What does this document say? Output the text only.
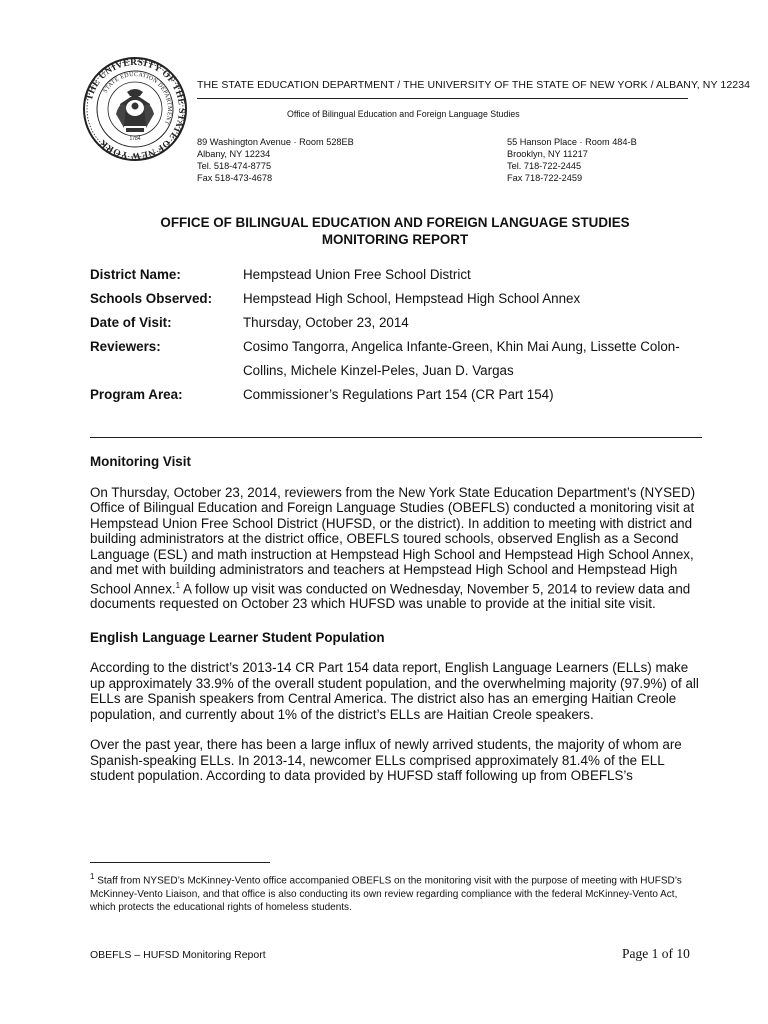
THE UNIVERSITY OF THE STATE OF NEW YORK
STATE EDUCATION DEPARTMENT
1784
THE STATE EDUCATION DEPARTMENT / THE UNIVERSITY OF THE STATE OF NEW YORK / ALBANY, NY 12234
Office of Bilingual Education and Foreign Language Studies
89 Washington Avenue · Room 528EB
Albany, NY 12234
Tel. 518-474-8775
Fax 518-473-4678
55 Hanson Place · Room 484-B
Brooklyn, NY 11217
Tel. 718-722-2445
Fax 718-722-2459
OFFICE OF BILINGUAL EDUCATION AND FOREIGN LANGUAGE STUDIES
MONITORING REPORT
District Name:	Hempstead Union Free School District
Schools Observed:	Hempstead High School, Hempstead High School Annex
Date of Visit:	Thursday, October 23, 2014
Reviewers:	Cosimo Tangorra, Angelica Infante-Green, Khin Mai Aung, Lissette Colon-
Collins, Michele Kinzel-Peles, Juan D. Vargas
Program Area:	Commissioner’s Regulations Part 154 (CR Part 154)

Monitoring Visit

On Thursday, October 23, 2014, reviewers from the New York State Education Department’s (NYSED) Office of Bilingual Education and Foreign Language Studies (OBEFLS) conducted a monitoring visit at Hempstead Union Free School District (HUFSD, or the district). In addition to meeting with district and building administrators at the district office, OBEFLS toured schools, observed English as a Second Language (ESL) and math instruction at Hempstead High School and Hempstead High School Annex, and met with building administrators and teachers at Hempstead High School and Hempstead High School Annex.$^1$ A follow up visit was conducted on Wednesday, November 5, 2014 to review data and documents requested on October 23 which HUFSD was unable to provide at the initial site visit.

English Language Learner Student Population

According to the district’s 2013-14 CR Part 154 data report, English Language Learners (ELLs) make up approximately 33.9% of the overall student population, and the overwhelming majority (97.9%) of all ELLs are Spanish speakers from Central America. The district also has an emerging Haitian Creole population, and currently about 1% of the district’s ELLs are Haitian Creole speakers.

Over the past year, there has been a large influx of newly arrived students, the majority of whom are Spanish-speaking ELLs. In 2013-14, newcomer ELLs comprised approximately 81.4% of the ELL student population. According to data provided by HUFSD staff following up from OBEFLS’s

$^1$ Staff from NYSED’s McKinney-Vento office accompanied OBEFLS on the monitoring visit with the purpose of meeting with HUFSD’s McKinney-Vento Liaison, and that office is also conducting its own review regarding compliance with the federal McKinney-Vento Act, which protects the educational rights of homeless students.
OBEFLS – HUFSD Monitoring Report	Page 1 of 10
